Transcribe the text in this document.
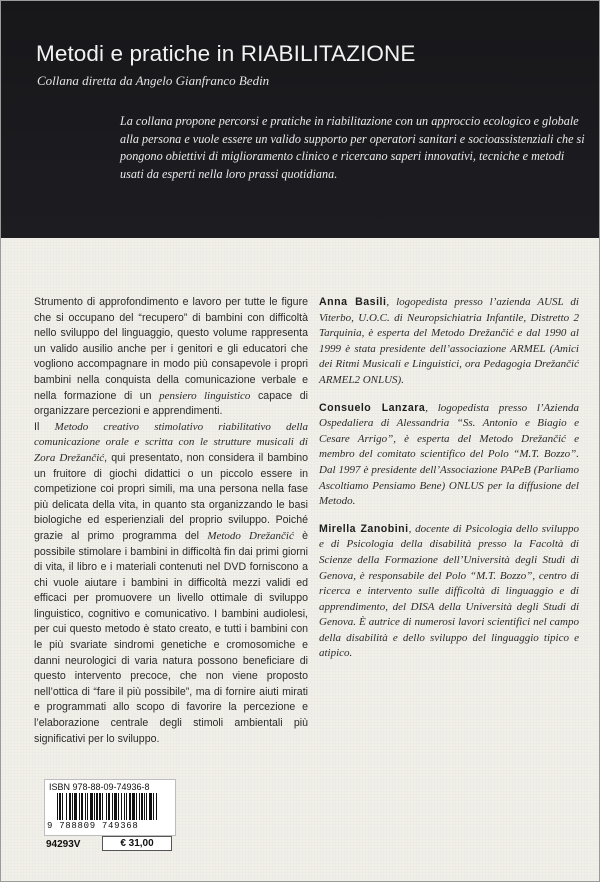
Metodi e pratiche in RIABILITAZIONE
Collana diretta da Angelo Gianfranco Bedin

La collana propone percorsi e pratiche in riabilitazione con un approccio ecologico e globale alla persona e vuole essere un valido supporto per operatori sanitari e socioassistenziali che si pongono obiettivi di miglioramento clinico e ricercano saperi innovativi, tecniche e metodi usati da esperti nella loro prassi quotidiana.

Strumento di approfondimento e lavoro per tutte le figure che si occupano del “recupero” di bambini con difficoltà nello sviluppo del linguaggio, questo volume rappresenta un valido ausilio anche per i genitori e gli educatori che vogliono accompagnare in modo più consapevole i propri bambini nella conquista della comunicazione verbale e nella formazione di un pensiero linguistico capace di organizzare percezioni e apprendimenti.

Il Metodo creativo stimolativo riabilitativo della comunicazione orale e scritta con le strutture musicali di Zora Drežančić, qui presentato, non considera il bambino un fruitore di giochi didattici o un piccolo essere in competizione coi propri simili, ma una persona nella fase più delicata della vita, in quanto sta organizzando le basi biologiche ed esperienziali del proprio sviluppo. Poiché grazie al primo programma del Metodo Drežančić è possibile stimolare i bambini in difficoltà fin dai primi giorni di vita, il libro e i materiali contenuti nel DVD forniscono a chi vuole aiutare i bambini in difficoltà mezzi validi ed efficaci per promuovere un livello ottimale di sviluppo linguistico, cognitivo e comunicativo. I bambini audiolesi, per cui questo metodo è stato creato, e tutti i bambini con le più svariate sindromi genetiche e cromosomiche e danni neurologici di varia natura possono beneficiare di questo intervento precoce, che non viene proposto nell’ottica di “fare il più possibile”, ma di fornire aiuti mirati e programmati allo scopo di favorire la percezione e l’elaborazione centrale degli stimoli ambientali più significativi per lo sviluppo.

Anna Basili, logopedista presso l’azienda AUSL di Viterbo, U.O.C. di Neuropsichiatria Infantile, Distretto 2 Tarquinia, è esperta del Metodo Drežančić e dal 1990 al 1999 è stata presidente dell’associazione ARMEL (Amici dei Ritmi Musicali e Linguistici, ora Pedagogia Drežančić ARMEL2 ONLUS).

Consuelo Lanzara, logopedista presso l’Azienda Ospedaliera di Alessandria “Ss. Antonio e Biagio e Cesare Arrigo”, è esperta del Metodo Drežančić e membro del comitato scientifico del Polo “M.T. Bozzo”. Dal 1997 è presidente dell’Associazione PAPeB (Parliamo Ascoltiamo Pensiamo Bene) ONLUS per la diffusione del Metodo.

Mirella Zanobini, docente di Psicologia dello sviluppo e di Psicologia della disabilità presso la Facoltà di Scienze della Formazione dell’Università degli Studi di Genova, è responsabile del Polo “M.T. Bozzo”, centro di ricerca e intervento sulle difficoltà di linguaggio e di apprendimento, del DISA della Università degli Studi di Genova. È autrice di numerosi lavori scientifici nel campo della disabilità e dello sviluppo del linguaggio tipico e atipico.

ISBN 978-88-09-74936-8
9 788809 749368
94293V	€ 31,00
